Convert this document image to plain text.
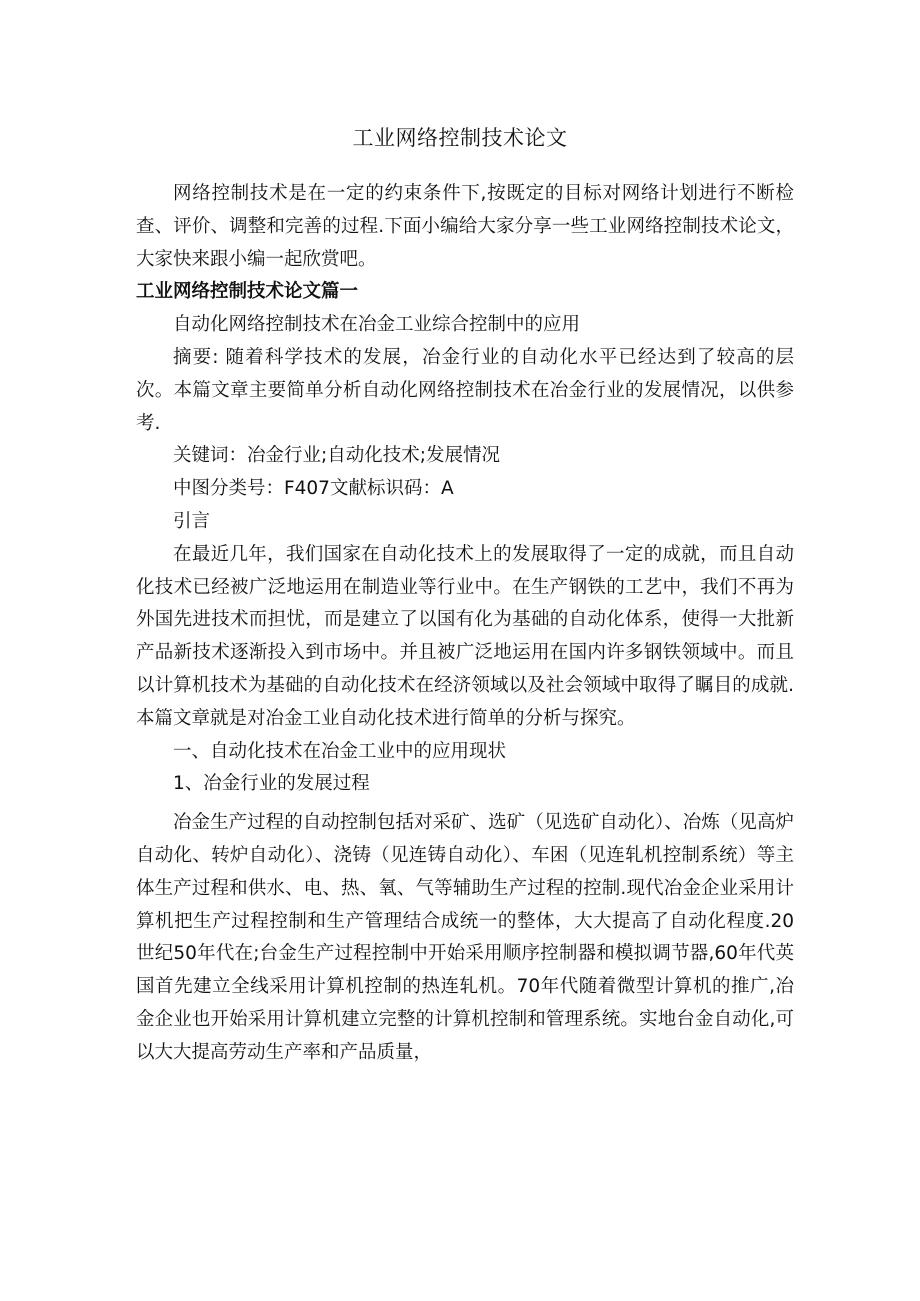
工业网络控制技术论文

网络控制技术是在一定的约束条件下,按既定的目标对网络计划进行不断检查、评价、调整和完善的过程.下面小编给大家分享一些工业网络控制技术论文，大家快来跟小编一起欣赏吧。

工业网络控制技术论文篇一

自动化网络控制技术在冶金工业综合控制中的应用

摘要: 随着科学技术的发展，冶金行业的自动化水平已经达到了较高的层次。本篇文章主要简单分析自动化网络控制技术在冶金行业的发展情况，以供参考.

关键词：冶金行业;自动化技术;发展情况

中图分类号：F407文献标识码：A

引言

在最近几年，我们国家在自动化技术上的发展取得了一定的成就，而且自动化技术已经被广泛地运用在制造业等行业中。在生产钢铁的工艺中，我们不再为外国先进技术而担忧，而是建立了以国有化为基础的自动化体系，使得一大批新产品新技术逐渐投入到市场中。并且被广泛地运用在国内许多钢铁领域中。而且以计算机技术为基础的自动化技术在经济领域以及社会领域中取得了瞩目的成就.本篇文章就是对冶金工业自动化技术进行简单的分析与探究。

一、自动化技术在冶金工业中的应用现状

1、冶金行业的发展过程

冶金生产过程的自动控制包括对采矿、选矿（见选矿自动化）、冶炼（见高炉自动化、转炉自动化）、浇铸（见连铸自动化）、车困（见连轧机控制系统）等主体生产过程和供水、电、热、氧、气等辅助生产过程的控制.现代冶金企业采用计算机把生产过程控制和生产管理结合成统一的整体，大大提高了自动化程度.20世纪50年代在;台金生产过程控制中开始采用顺序控制器和模拟调节器,60年代英国首先建立全线采用计算机控制的热连轧机。70年代随着微型计算机的推广,冶金企业也开始采用计算机建立完整的计算机控制和管理系统。实地台金自动化,可以大大提高劳动生产率和产品质量，
